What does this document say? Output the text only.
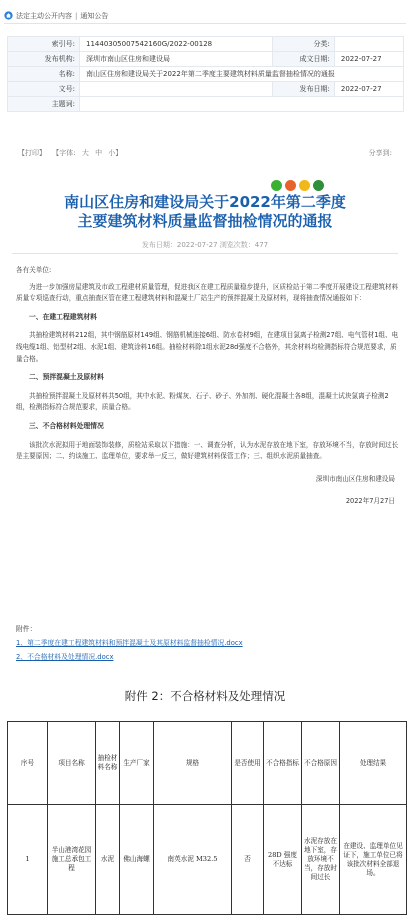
法定主动公开内容 | 通知公告
索引号:	11440305007542160G/2022-00128	分类:	
发布机构:	深圳市南山区住房和建设局	成文日期:	2022-07-27
名称:	南山区住房和建设局关于2022年第二季度主要建筑材料质量监督抽检情况的通报		
文号:		发布日期:	2022-07-27
主题词:			
【打印】 【字体: 大 中 小】	分享到:
南山区住房和建设局关于2022年第二季度
主要建筑材料质量监督抽检情况的通报
发布日期：2022-07-27 浏览次数：477

各有关单位:

为进一步加强房屋建筑及市政工程建材质量管理，促进我区在建工程质量稳步提升，区质检站于第二季度开展建设工程建筑材料质量专项巡查行动，重点抽查区管在建工程建筑材料和混凝土厂站生产的预拌混凝土及原材料，现将抽查情况通报如下：

一、在建工程建筑材料

共抽检建筑材料212组，其中钢筋原材149组、钢筋机械连接6组、防水卷材9组，在建项目氯离子检测27组、电气管材1组、电线电缆1组、铝型材2组、水泥1组、建筑涂料16组。抽检材料除1组水泥28d强度不合格外，其余材料均检测指标符合规范要求，质量合格。

二、预拌混凝土及原材料

共抽检预拌混凝土及原材料共50组，其中水泥、粉煤灰、石子、砂子、外加剂、硬化混凝土各8组，混凝土试块氯离子检测2组，检测指标符合规范要求，质量合格。

三、不合格材料处理情况

该批次水泥拟用于地面装饰装修，质检站采取以下措施：一、调查分析，认为水泥存放在地下室，存放环境不当，存放时间过长是主要原因；二、约谈施工、监理单位，要求举一反三，做好建筑材料保管工作；三、组织水泥质量抽查。

深圳市南山区住房和建设局

2022年7月27日

附件：
1、第二季度在建工程建筑材料和预拌混凝土及其原材料监督抽检情况.docx
2、不合格材料及处理情况.docx
附件 2：不合格材料及处理情况
序号	项目名称	抽检材料名称	生产厂家	规格	是否使用	不合格指标	不合格原因	处理结果
1	半山港湾花园施工总承包工程	水泥	佛山海螺	南英水泥 M32.5	否	28D 强度不达标	水泥存放在地下室，存放环境不当，存放时间过长	在建设、监理单位见证下，施工单位已将该批次材料全部退场。
